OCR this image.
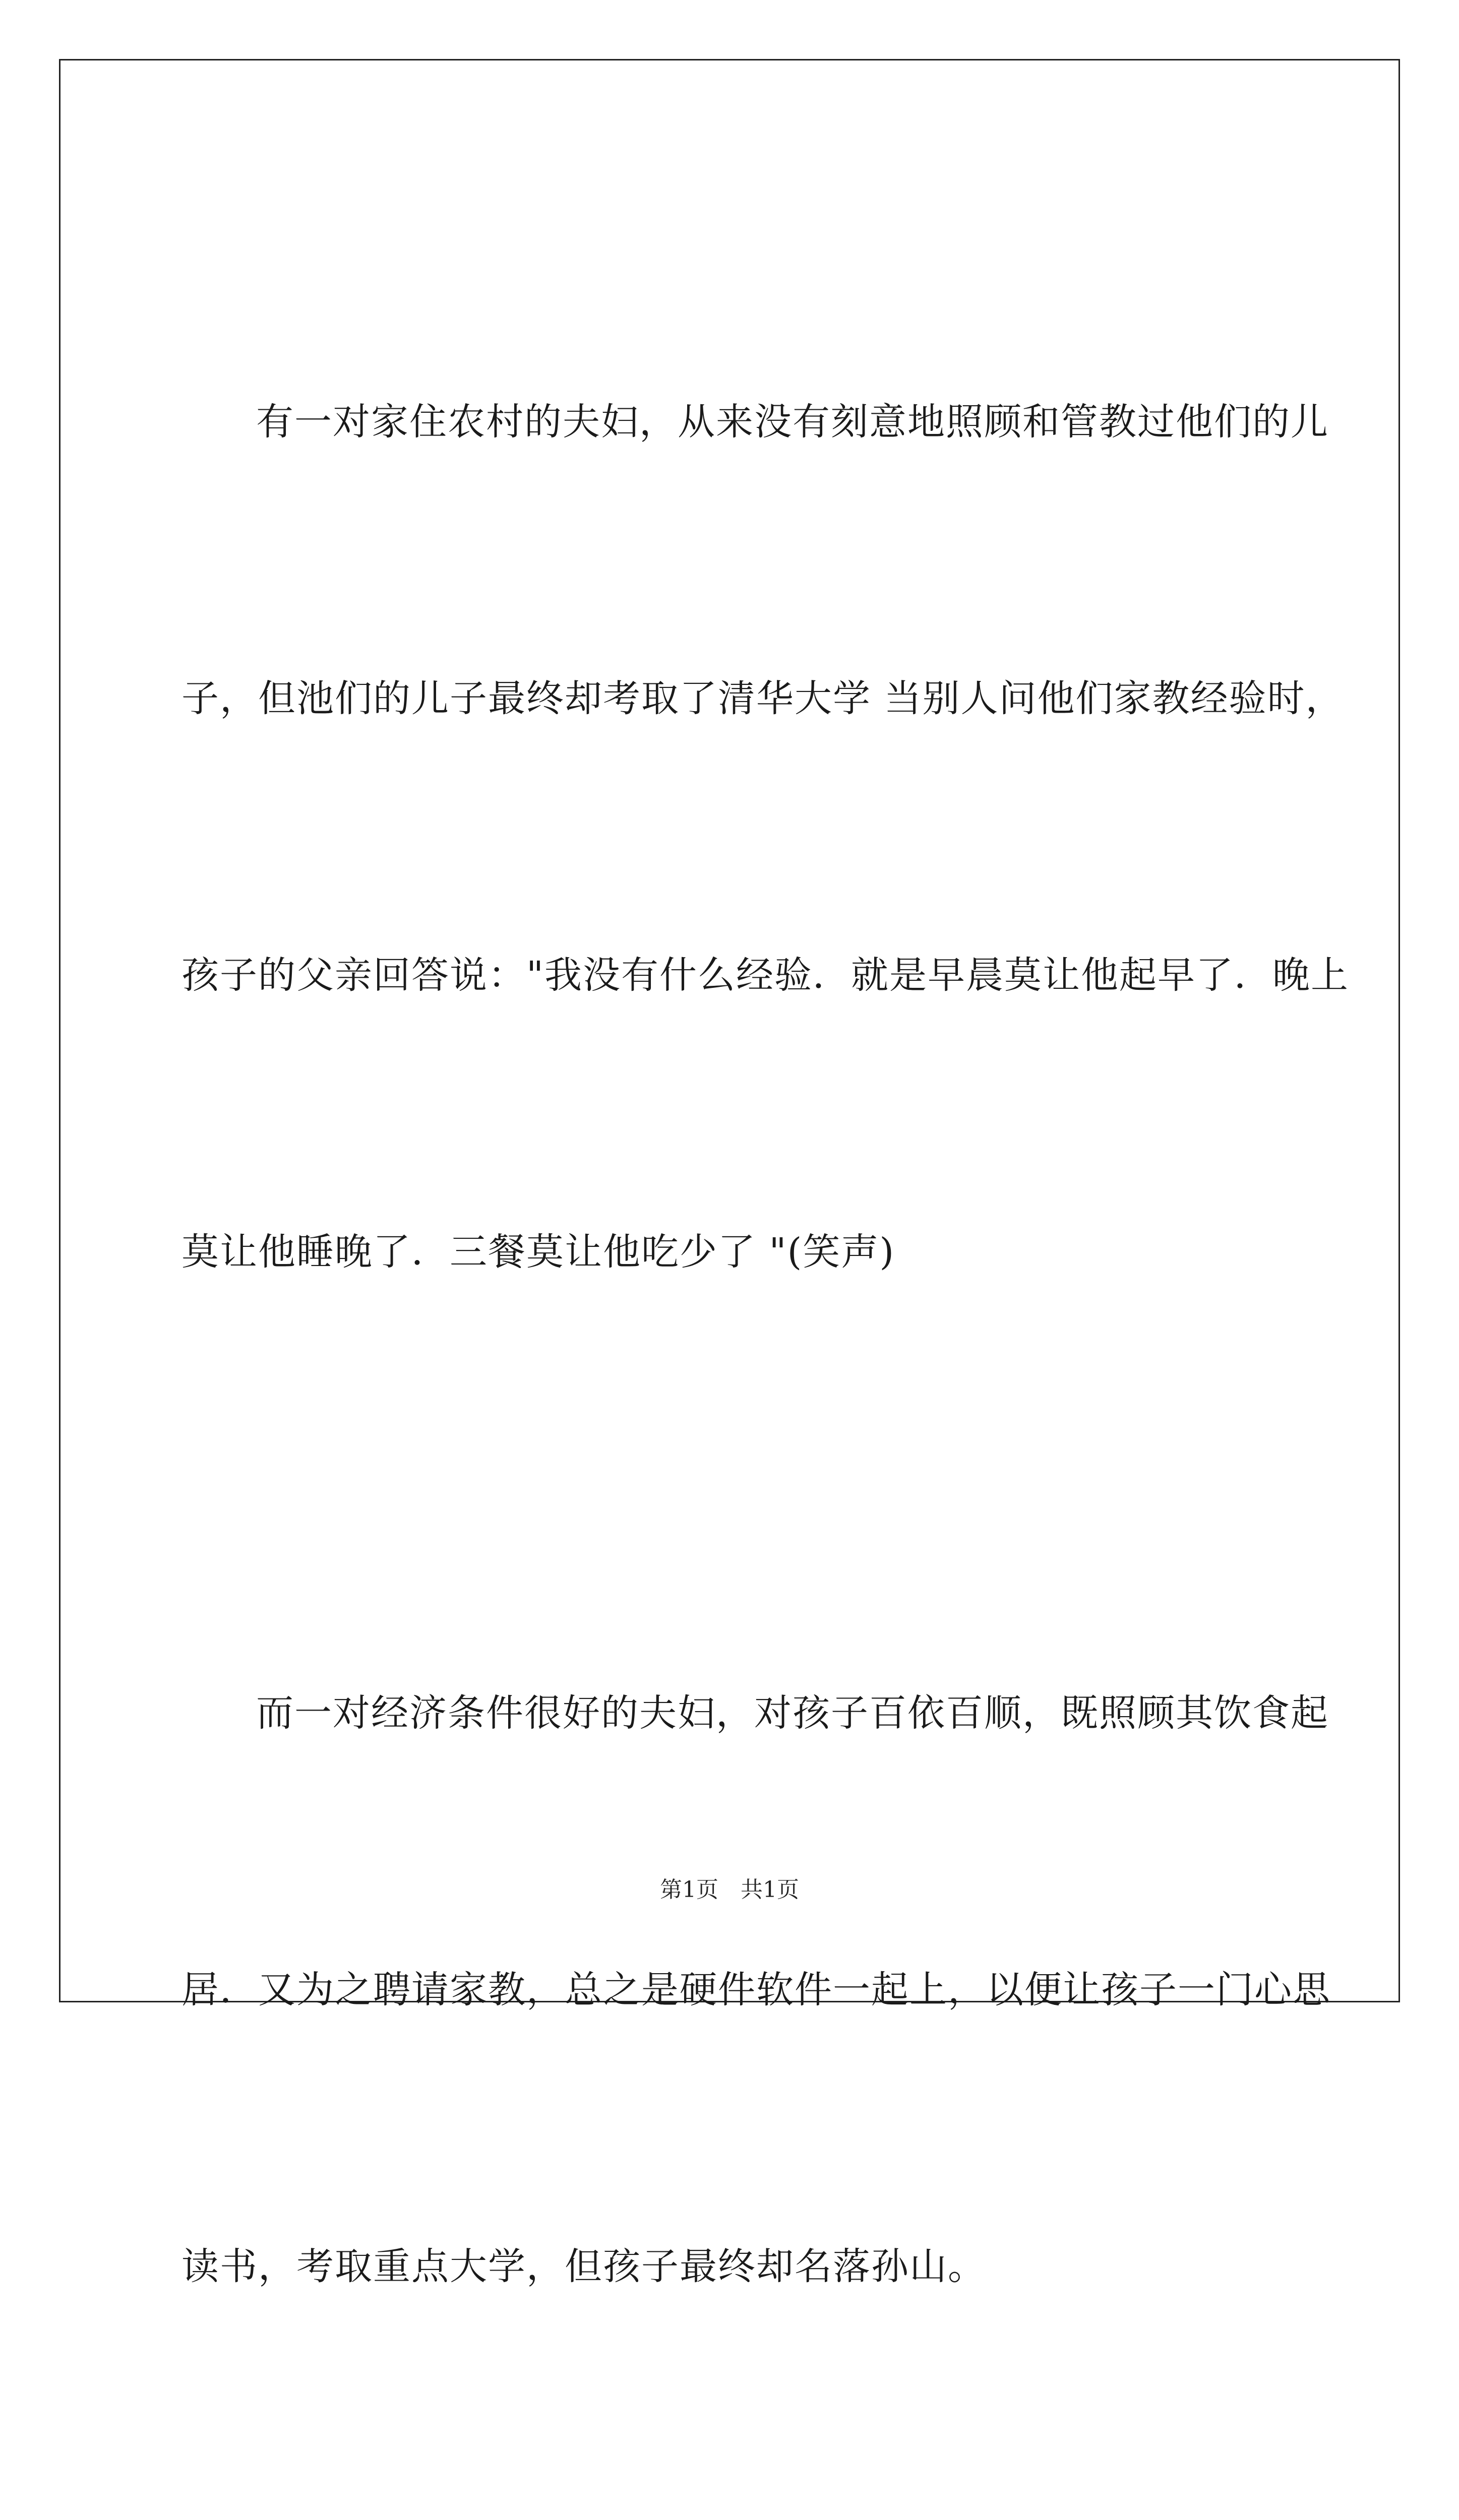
有一对家住农村的夫妇，从来没有刻意地照顾和管教过他们的儿

子，但池们的儿子最终却考取了清华大学 当别人问他们家教经验时，

孩子的父亲回答说："我没有什么经验．就是早晨莫让他起早了．晚上

莫让他睡晚了．三餐莫让他吃少了 "(笑声)

而一对经济条件很好的夫妇，对孩子百依百顺，既照顾其饮食起

居．又为之聘请家教，总之是硬件软件一起上，以便让孩子一门心思

读书，考取重点大学，但孩子最终却名落孙山。

第1页　共1页
